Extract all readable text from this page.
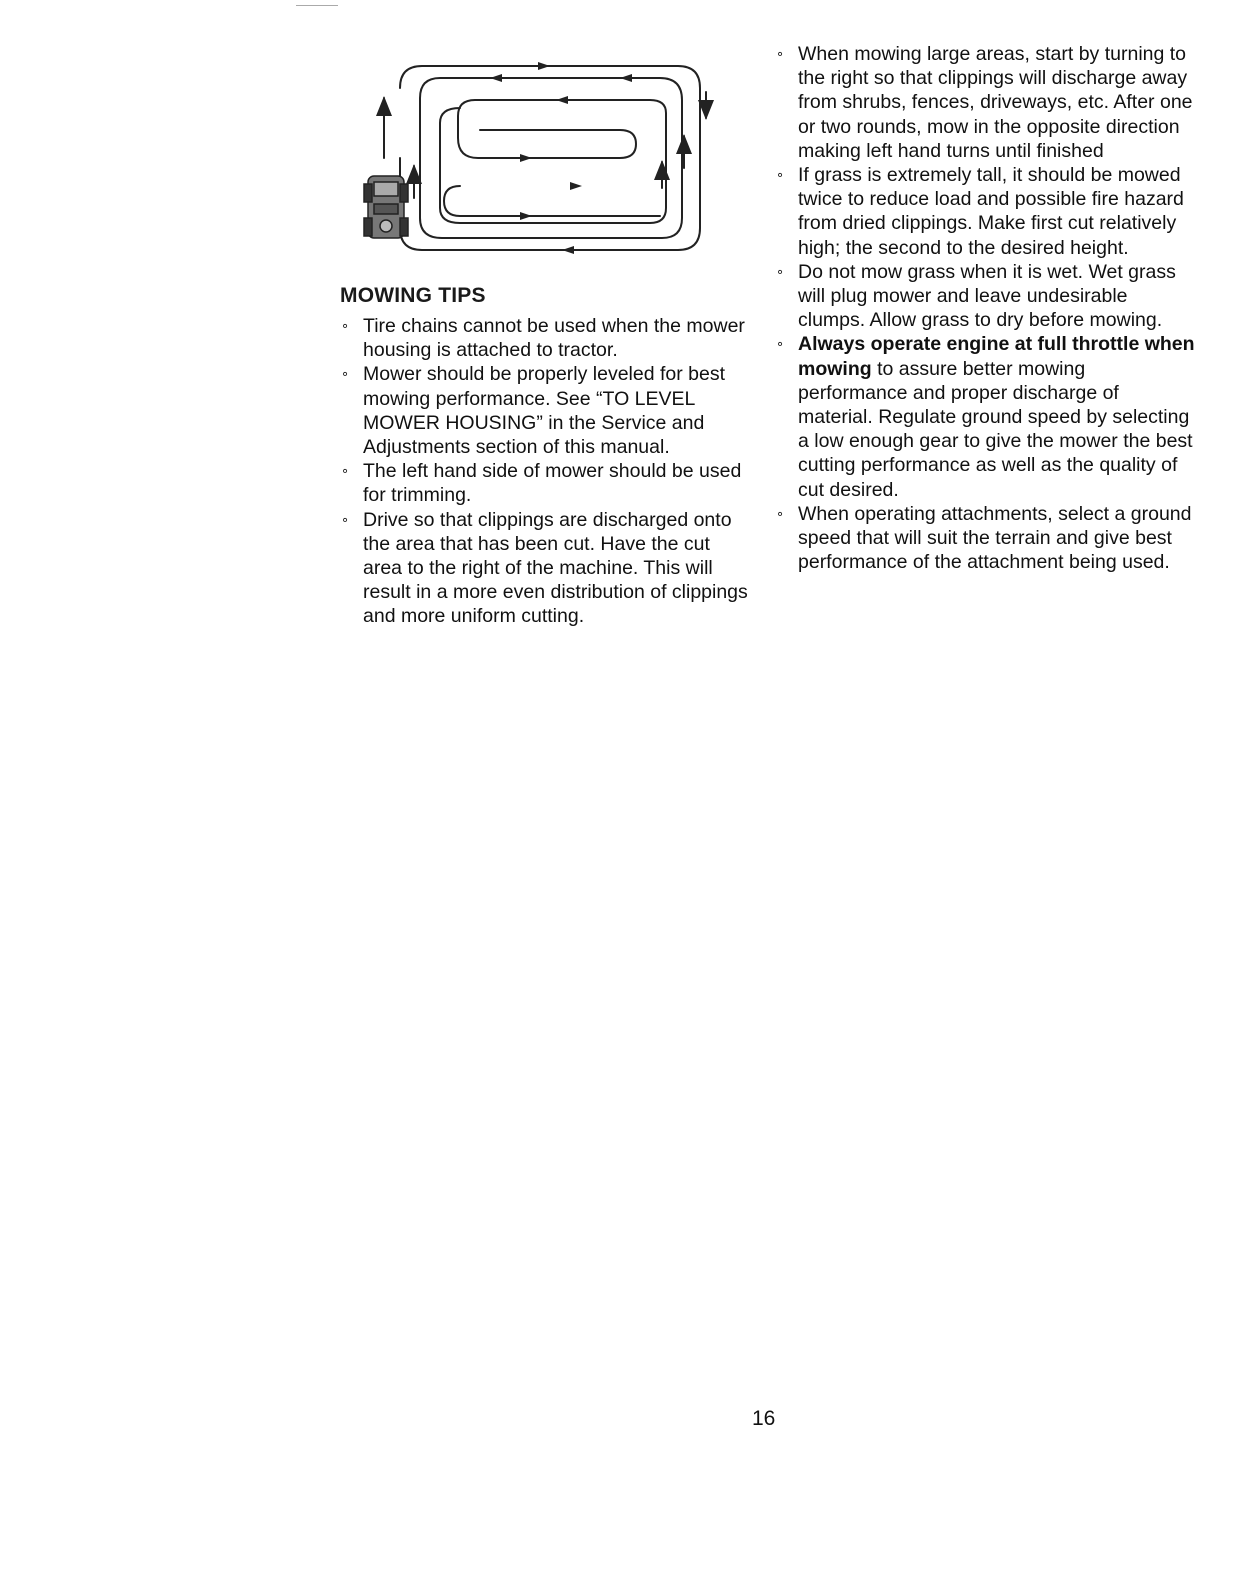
MOWING TIPS
∘ Tire chains cannot be used when the mower housing is attached to tractor.
∘ Mower should be properly leveled for best mowing performance. See “TO LEVEL MOWER HOUSING” in the Service and Adjustments section of this manual.
∘ The left hand side of mower should be used for trimming.
∘ Drive so that clippings are discharged onto the area that has been cut. Have the cut area to the right of the machine. This will result in a more even distribution of clippings and more uniform cutting.
∘ When mowing large areas, start by turning to the right so that clippings will discharge away from shrubs, fences, driveways, etc. After one or two rounds, mow in the opposite direction making left hand turns until finished
∘ If grass is extremely tall, it should be mowed twice to reduce load and possible fire hazard from dried clippings. Make first cut relatively high; the second to the desired height.
∘ Do not mow grass when it is wet. Wet grass will plug mower and leave undesirable clumps. Allow grass to dry before mowing.
∘ Always operate engine at full throttle when mowing to assure better mowing performance and proper discharge of material. Regulate ground speed by selecting a low enough gear to give the mower the best cutting performance as well as the quality of cut desired.
∘ When operating attachments, select a ground speed that will suit the terrain and give best performance of the attachment being used.
16
